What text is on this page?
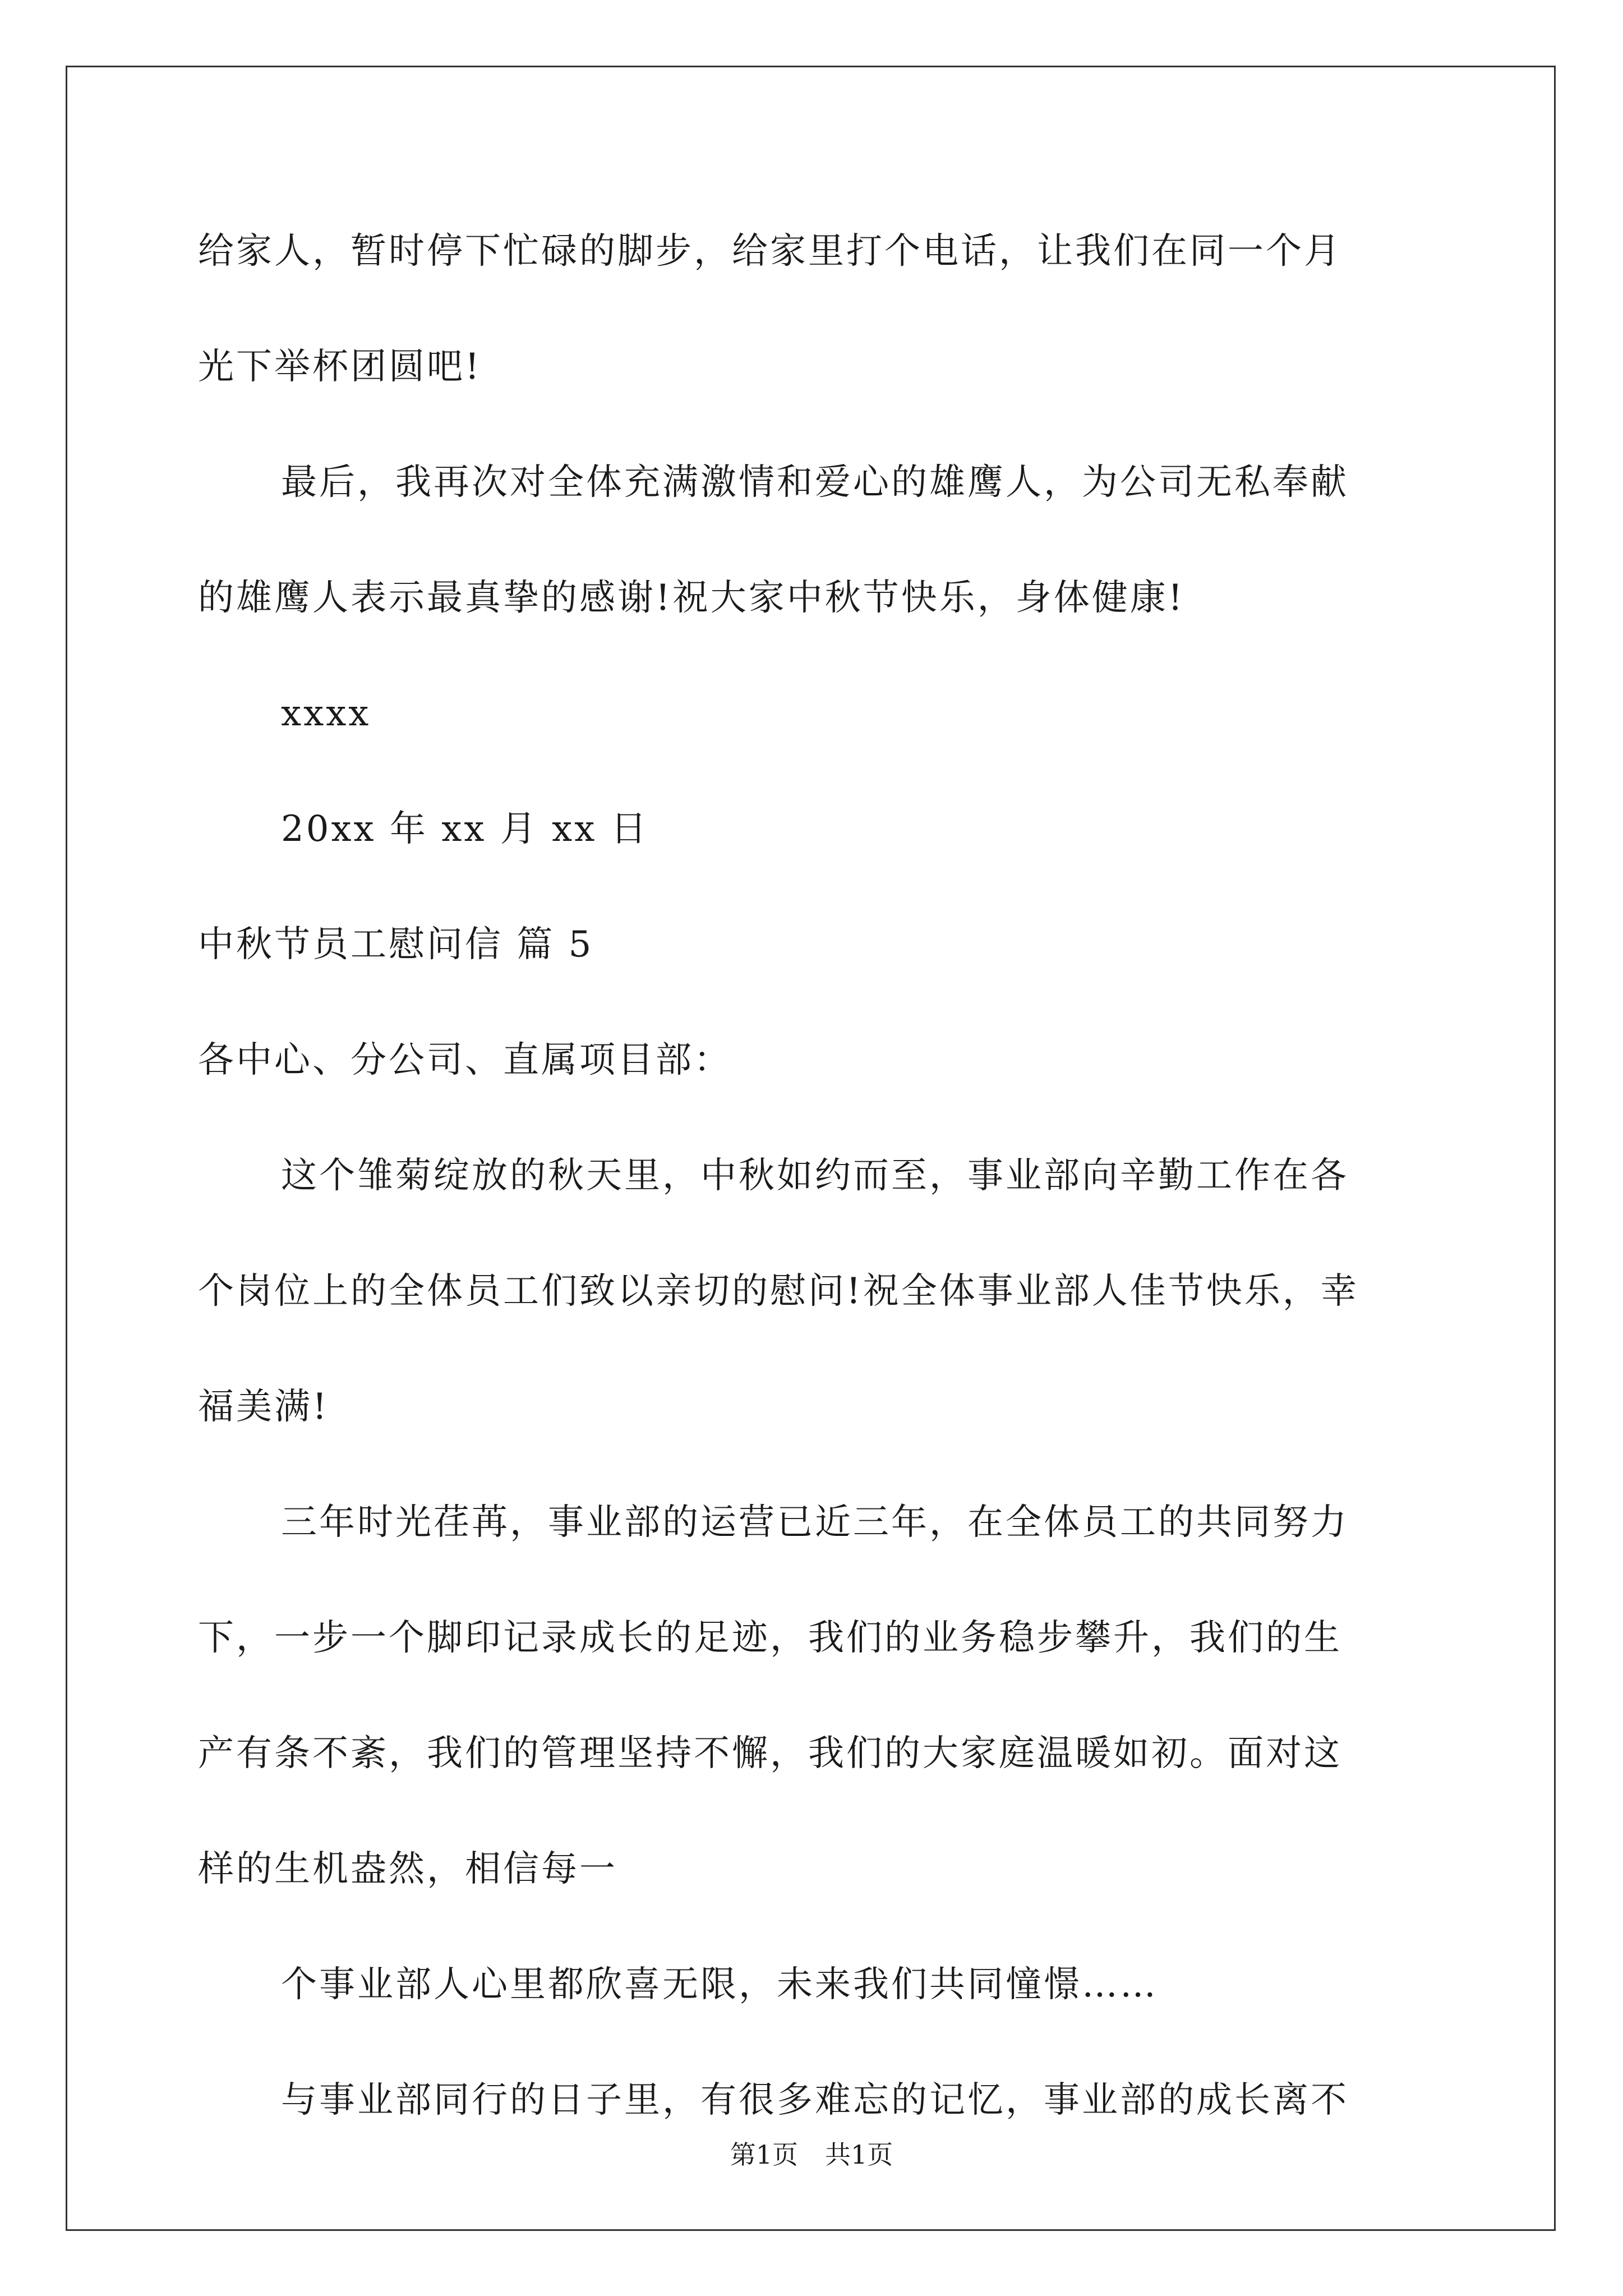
给家人，暂时停下忙碌的脚步，给家里打个电话，让我们在同一个月
光下举杯团圆吧!
最后，我再次对全体充满激情和爱心的雄鹰人，为公司无私奉献
的雄鹰人表示最真挚的感谢!祝大家中秋节快乐，身体健康!
xxxx
20xx 年 xx 月 xx 日
中秋节员工慰问信 篇 5
各中心、分公司、直属项目部：
这个雏菊绽放的秋天里，中秋如约而至，事业部向辛勤工作在各
个岗位上的全体员工们致以亲切的慰问!祝全体事业部人佳节快乐，幸
福美满!
三年时光荏苒，事业部的运营已近三年，在全体员工的共同努力
下，一步一个脚印记录成长的足迹，我们的业务稳步攀升，我们的生
产有条不紊，我们的管理坚持不懈，我们的大家庭温暖如初。面对这
样的生机盎然，相信每一
个事业部人心里都欣喜无限，未来我们共同憧憬……
与事业部同行的日子里，有很多难忘的记忆，事业部的成长离不
第1页 共1页
